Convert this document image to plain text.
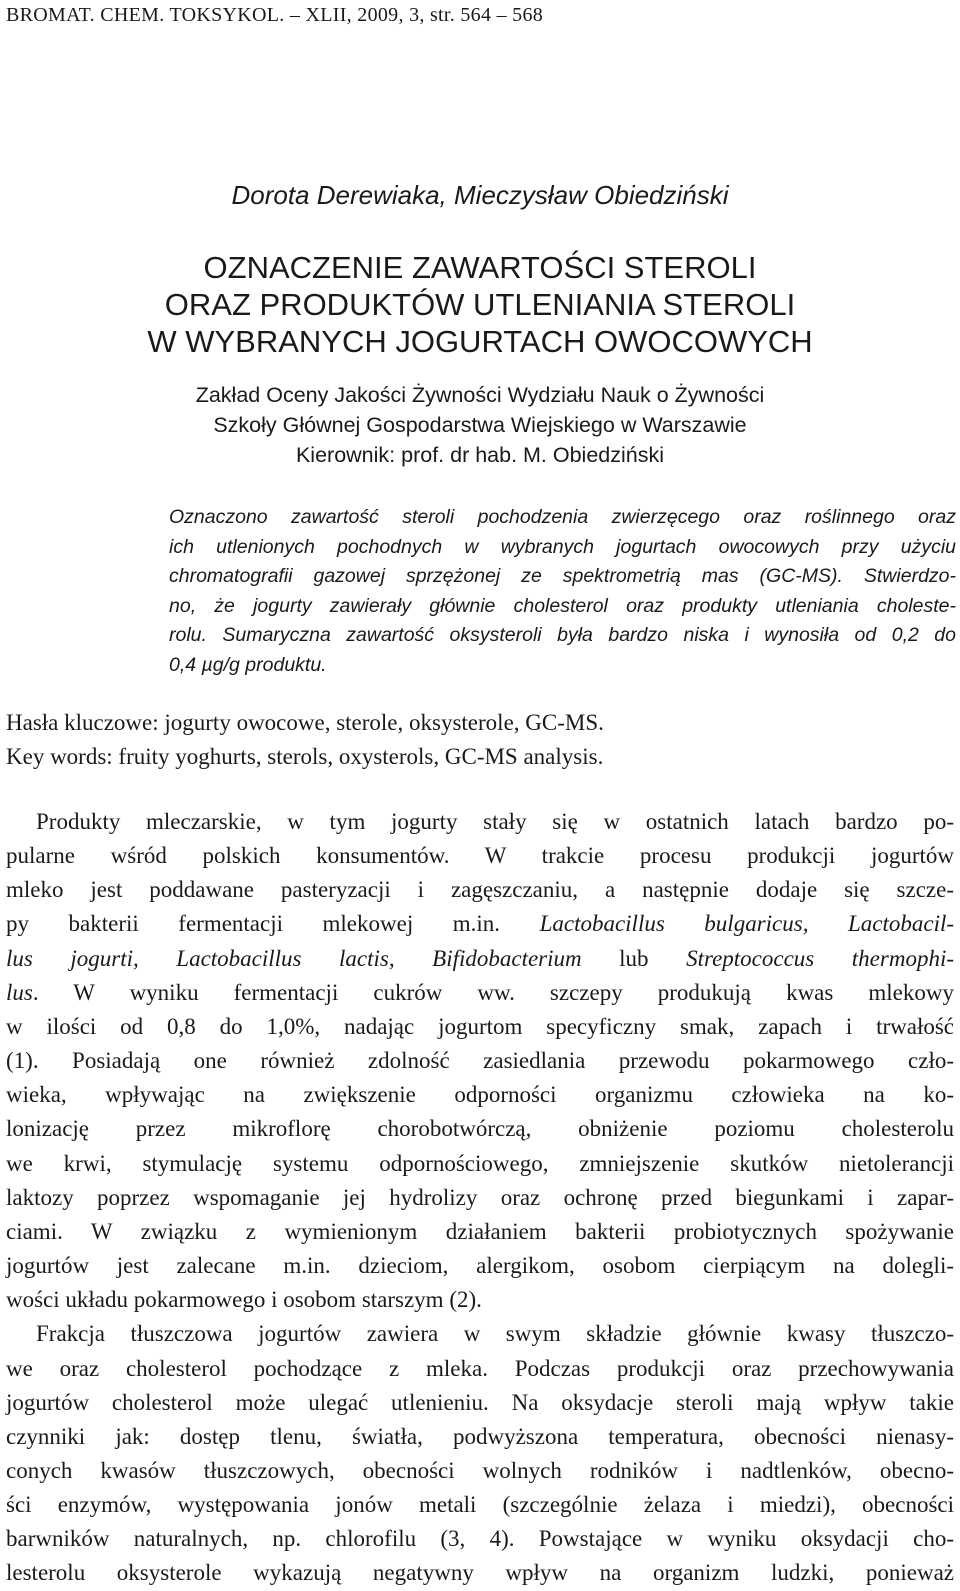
BROMAT. CHEM. TOKSYKOL. – XLII, 2009, 3, str. 564 – 568
Dorota Derewiaka, Mieczysław Obiedziński
OZNACZENIE ZAWARTOŚCI STEROLI
ORAZ PRODUKTÓW UTLENIANIA STEROLI
W WYBRANYCH JOGURTACH OWOCOWYCH
Zakład Oceny Jakości Żywności Wydziału Nauk o Żywności
Szkoły Głównej Gospodarstwa Wiejskiego w Warszawie
Kierownik: prof. dr hab. M. Obiedziński
Oznaczono zawartość steroli pochodzenia zwierzęcego oraz roślinnego oraz
ich utlenionych pochodnych w wybranych jogurtach owocowych przy użyciu
chromatografii gazowej sprzężonej ze spektrometrią mas (GC-MS). Stwierdzo-
no, że jogurty zawierały głównie cholesterol oraz produkty utleniania choleste-
rolu. Sumaryczna zawartość oksysteroli była bardzo niska i wynosiła od 0,2 do
0,4 µg/g produktu.
Hasła kluczowe: jogurty owocowe, sterole, oksysterole, GC-MS.
Key words: fruity yoghurts, sterols, oxysterols, GC-MS analysis.
Produkty mleczarskie, w tym jogurty stały się w ostatnich latach bardzo po-
pularne wśród polskich konsumentów. W trakcie procesu produkcji jogurtów
mleko jest poddawane pasteryzacji i zagęszczaniu, a następnie dodaje się szcze-
py bakterii fermentacji mlekowej m.in. Lactobacillus bulgaricus, Lactobacil-
lus jogurti, Lactobacillus lactis, Bifidobacterium lub Streptococcus thermophi-
lus. W wyniku fermentacji cukrów ww. szczepy produkują kwas mlekowy
w ilości od 0,8 do 1,0%, nadając jogurtom specyficzny smak, zapach i trwałość
(1). Posiadają one również zdolność zasiedlania przewodu pokarmowego czło-
wieka, wpływając na zwiększenie odporności organizmu człowieka na ko-
lonizację przez mikroflorę chorobotwórczą, obniżenie poziomu cholesterolu
we krwi, stymulację systemu odpornościowego, zmniejszenie skutków nietolerancji
laktozy poprzez wspomaganie jej hydrolizy oraz ochronę przed biegunkami i zapar-
ciami. W związku z wymienionym działaniem bakterii probiotycznych spożywanie
jogurtów jest zalecane m.in. dzieciom, alergikom, osobom cierpiącym na dolegli-
wości układu pokarmowego i osobom starszym (2).
Frakcja tłuszczowa jogurtów zawiera w swym składzie głównie kwasy tłuszczo-
we oraz cholesterol pochodzące z mleka. Podczas produkcji oraz przechowywania
jogurtów cholesterol może ulegać utlenieniu. Na oksydacje steroli mają wpływ takie
czynniki jak: dostęp tlenu, światła, podwyższona temperatura, obecności nienasy-
conych kwasów tłuszczowych, obecności wolnych rodników i nadtlenków, obecno-
ści enzymów, występowania jonów metali (szczególnie żelaza i miedzi), obecności
barwników naturalnych, np. chlorofilu (3, 4). Powstające w wyniku oksydacji cho-
lesterolu oksysterole wykazują negatywny wpływ na organizm ludzki, ponieważ
